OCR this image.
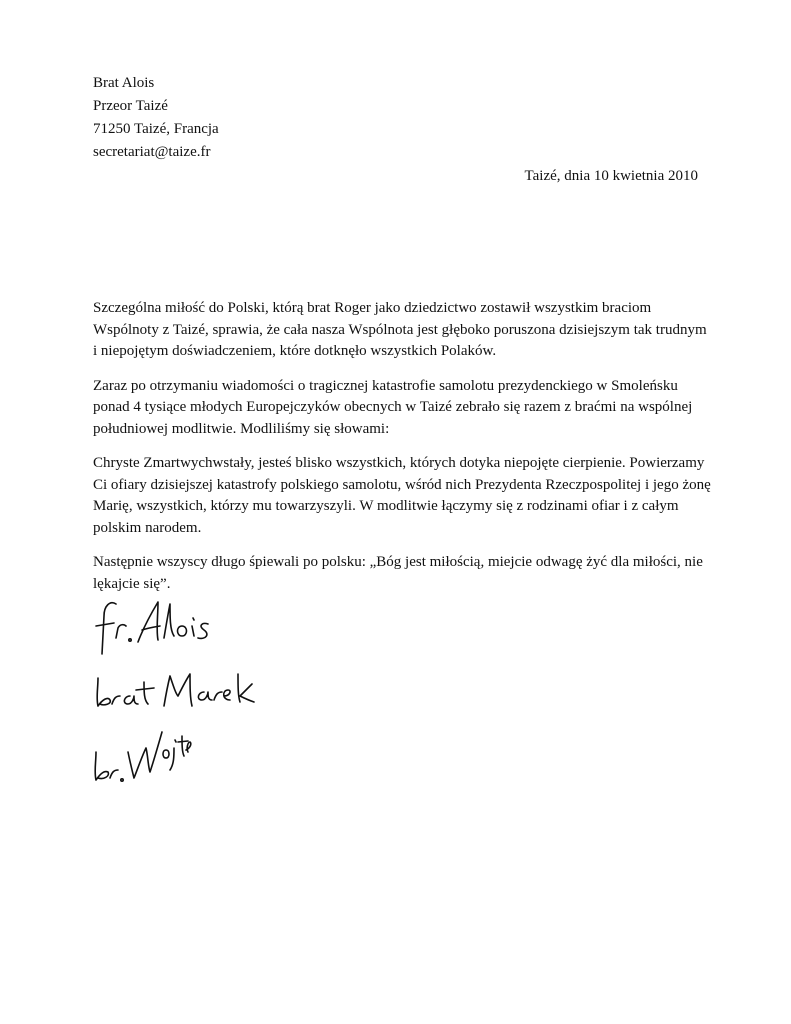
Brat Alois
Przeor Taizé
71250 Taizé, Francja
secretariat@taize.fr
Taizé, dnia 10 kwietnia 2010

Szczególna miłość do Polski, którą brat Roger jako dziedzictwo zostawił wszystkim braciom Wspólnoty z Taizé, sprawia, że cała nasza Wspólnota jest głęboko poruszona dzisiejszym tak trudnym i niepojętym doświadczeniem, które dotknęło wszystkich Polaków.

Zaraz po otrzymaniu wiadomości o tragicznej katastrofie samolotu prezydenckiego w Smoleńsku ponad 4 tysiące młodych Europejczyków obecnych w Taizé zebrało się razem z braćmi na wspólnej południowej modlitwie. Modliliśmy się słowami:

Chryste Zmartwychwstały, jesteś blisko wszystkich, których dotyka niepojęte cierpienie. Powierzamy Ci ofiary dzisiejszej katastrofy polskiego samolotu, wśród nich Prezydenta Rzeczpospolitej i jego żonę Marię, wszystkich, którzy mu towarzyszyli. W modlitwie łączymy się z rodzinami ofiar i z całym polskim narodem.

Następnie wszyscy długo śpiewali po polsku: „Bóg jest miłością, miejcie odwagę żyć dla miłości, nie lękajcie się”.
